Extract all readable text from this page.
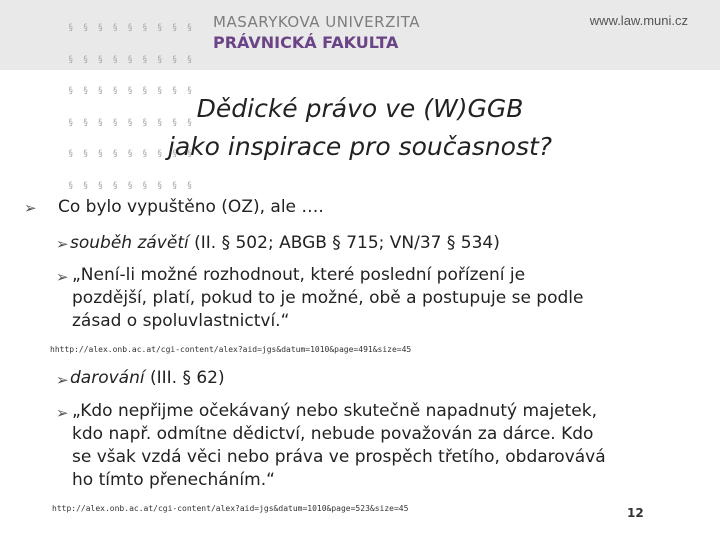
§ § § § § § § § §

§ § § § § § § § §

§ § § § § § § § §

§ § § § § § § § §

§ § § § § § § § §

§ § § § § § § § §

MASARYKOVA UNIVERZITA
PRÁVNICKÁ FAKULTA
www.law.muni.cz
Dědické právo ve (W)GGB
jako inspirace pro současnost?
➢ Co bylo vypuštěno (OZ), ale ….
➢ souběh závětí (II. § 502; ABGB § 715; VN/37 § 534)
➢ „Není-li možné rozhodnout, které poslední pořízení je
pozdější, platí, pokud to je možné, obě a postupuje se podle
zásad o spoluvlastnictví.“
hhttp://alex.onb.ac.at/cgi-content/alex?aid=jgs&datum=1010&page=491&size=45
➢ darování (III. § 62)
➢ „Kdo nepřijme očekávaný nebo skutečně napadnutý majetek,
kdo např. odmítne dědictví, nebude považován za dárce. Kdo
se však vzdá věci nebo práva ve prospěch třetího, obdarovává
ho tímto přenecháním.“
http://alex.onb.ac.at/cgi-content/alex?aid=jgs&datum=1010&page=523&size=45	12
